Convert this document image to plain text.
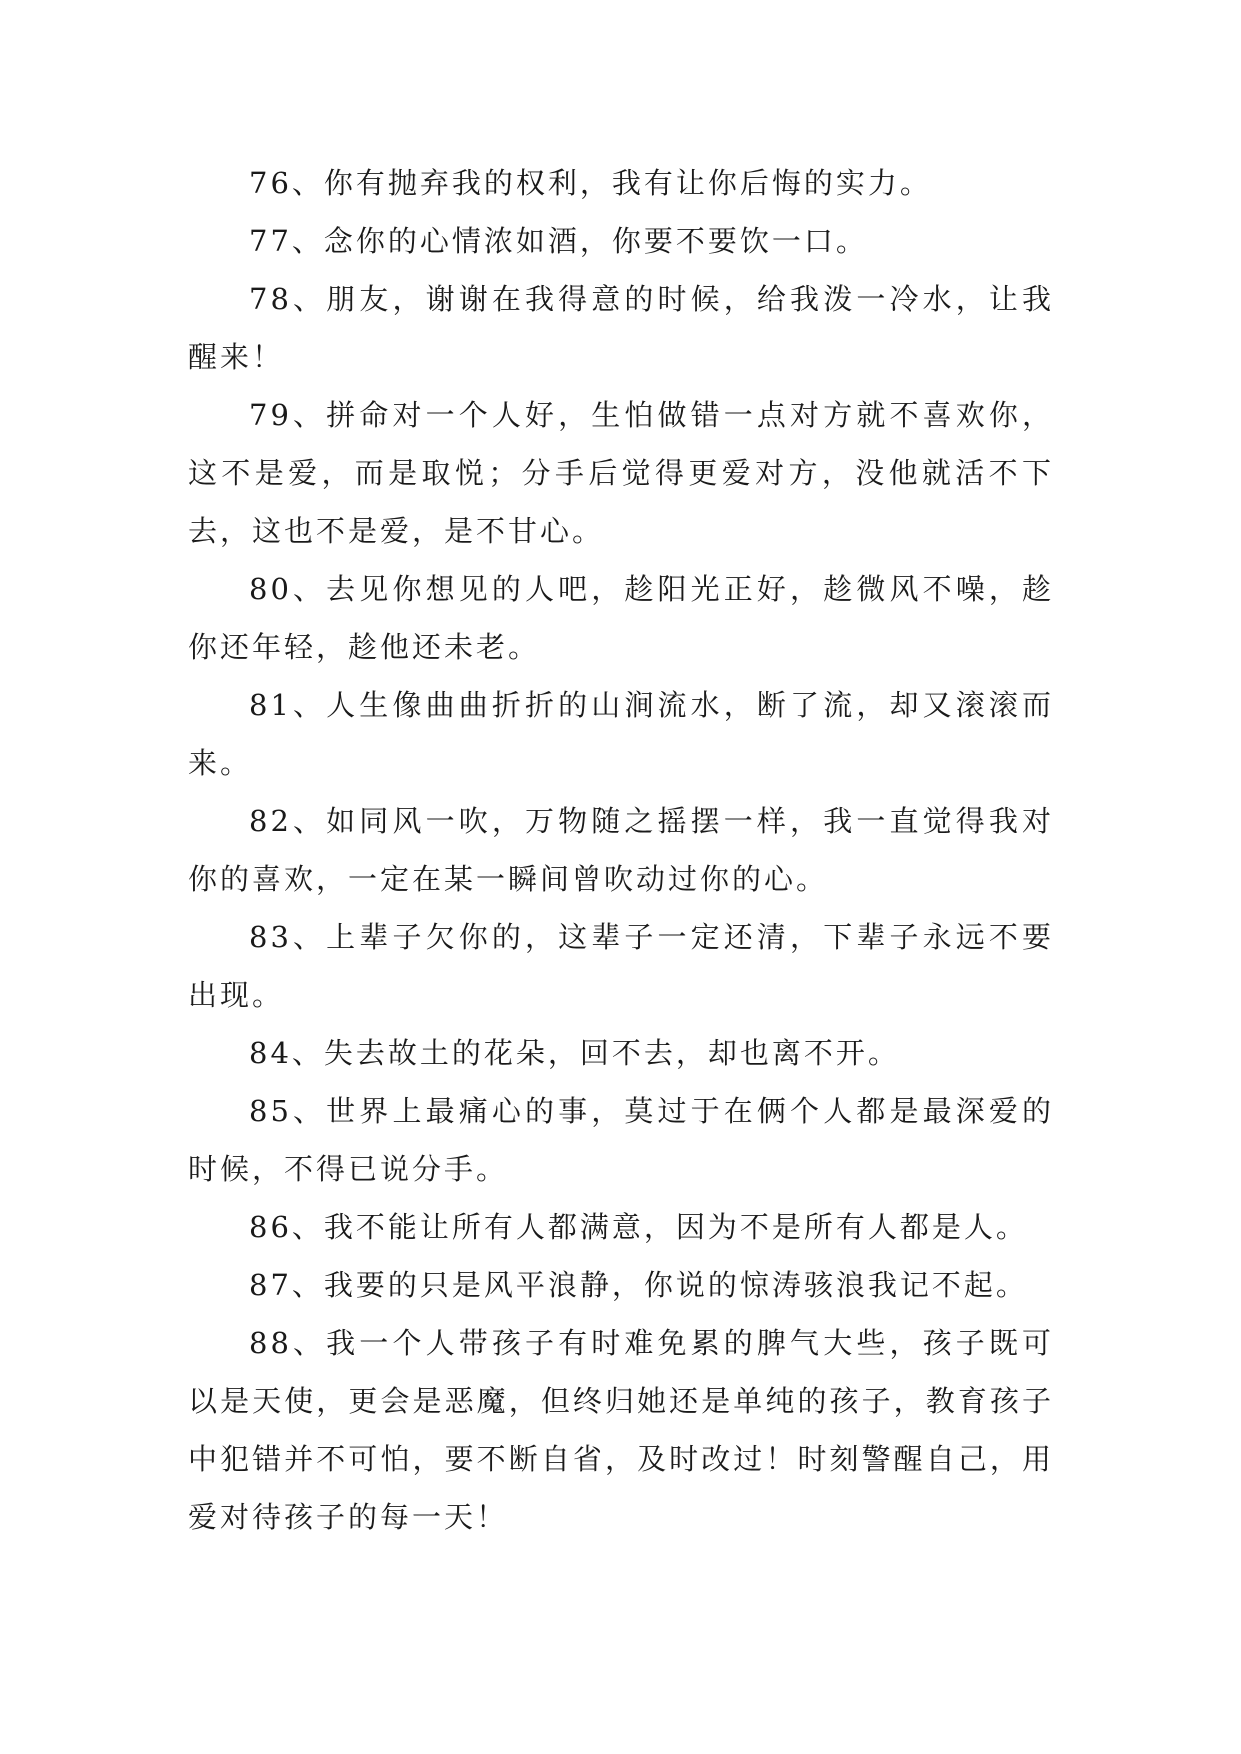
76、你有抛弃我的权利，我有让你后悔的实力。

77、念你的心情浓如酒，你要不要饮一口。

78、朋友，谢谢在我得意的时候，给我泼一冷水，让我醒来！

79、拼命对一个人好，生怕做错一点对方就不喜欢你，这不是爱，而是取悦；分手后觉得更爱对方，没他就活不下去，这也不是爱，是不甘心。

80、去见你想见的人吧，趁阳光正好，趁微风不噪，趁你还年轻，趁他还未老。

81、人生像曲曲折折的山涧流水，断了流，却又滚滚而来。

82、如同风一吹，万物随之摇摆一样，我一直觉得我对你的喜欢，一定在某一瞬间曾吹动过你的心。

83、上辈子欠你的，这辈子一定还清，下辈子永远不要出现。

84、失去故土的花朵，回不去，却也离不开。

85、世界上最痛心的事，莫过于在俩个人都是最深爱的时候，不得已说分手。

86、我不能让所有人都满意，因为不是所有人都是人。

87、我要的只是风平浪静，你说的惊涛骇浪我记不起。

88、我一个人带孩子有时难免累的脾气大些，孩子既可以是天使，更会是恶魔，但终归她还是单纯的孩子，教育孩子中犯错并不可怕，要不断自省，及时改过！时刻警醒自己，用爱对待孩子的每一天！
